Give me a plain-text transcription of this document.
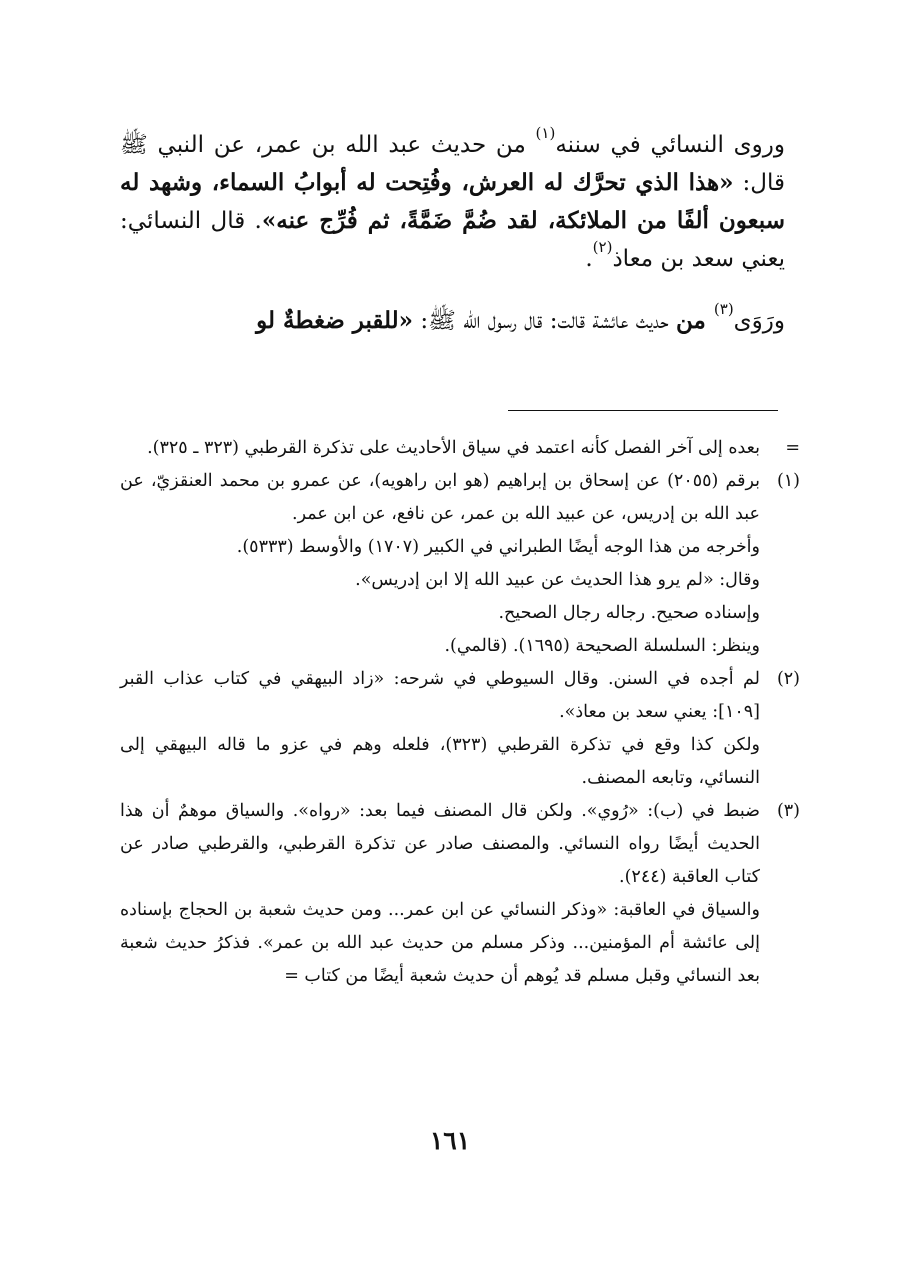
وروى النسائي في سننه$^{(١)}$ من حديث عبد الله بن عمر، عن النبي ﷺ قال: «هذا الذي تحرَّك له العرش، وفُتِحت له أبوابُ السماء، وشهد له سبعون ألفًا من الملائكة، لقد ضُمَّ ضَمَّةً، ثم فُرِّج عنه». قال النسائي: يعني سعد بن معاذ$^{(٢)}$.

ورَوَى$^{(٣)}$ من حديث عائشة قالت: قال رسول الله ﷺ: «للقبر ضغطةٌ لو

=

بعده إلى آخر الفصل كأنه اعتمد في سياق الأحاديث على تذكرة القرطبي (٣٢٣ ـ ٣٢٥).

(١)

برقم (٢٠٥٥) عن إسحاق بن إبراهيم (هو ابن راهويه)، عن عمرو بن محمد العنقزيّ، عن عبد الله بن إدريس، عن عبيد الله بن عمر، عن نافع، عن ابن عمر.

وأخرجه من هذا الوجه أيضًا الطبراني في الكبير (١٧٠٧) والأوسط (٥٣٣٣).

وقال: «لم يرو هذا الحديث عن عبيد الله إلا ابن إدريس».

وإسناده صحيح. رجاله رجال الصحيح.

وينظر: السلسلة الصحيحة (١٦٩٥). (قالمي).

(٢)

لم أجده في السنن. وقال السيوطي في شرحه: «زاد البيهقي في كتاب عذاب القبر [١٠٩]: يعني سعد بن معاذ».

ولكن كذا وقع في تذكرة القرطبي (٣٢٣)، فلعله وهم في عزو ما قاله البيهقي إلى النسائي، وتابعه المصنف.

(٣)

ضبط في (ب): «رُوي». ولكن قال المصنف فيما بعد: «رواه». والسياق موهمٌ أن هذا الحديث أيضًا رواه النسائي. والمصنف صادر عن تذكرة القرطبي، والقرطبي صادر عن كتاب العاقبة (٢٤٤).

والسياق في العاقبة: «وذكر النسائي عن ابن عمر... ومن حديث شعبة بن الحجاج بإسناده إلى عائشة أم المؤمنين... وذكر مسلم من حديث عبد الله بن عمر». فذكرُ حديث شعبة بعد النسائي وقبل مسلم قد يُوهم أن حديث شعبة أيضًا من كتاب =

١٦١
